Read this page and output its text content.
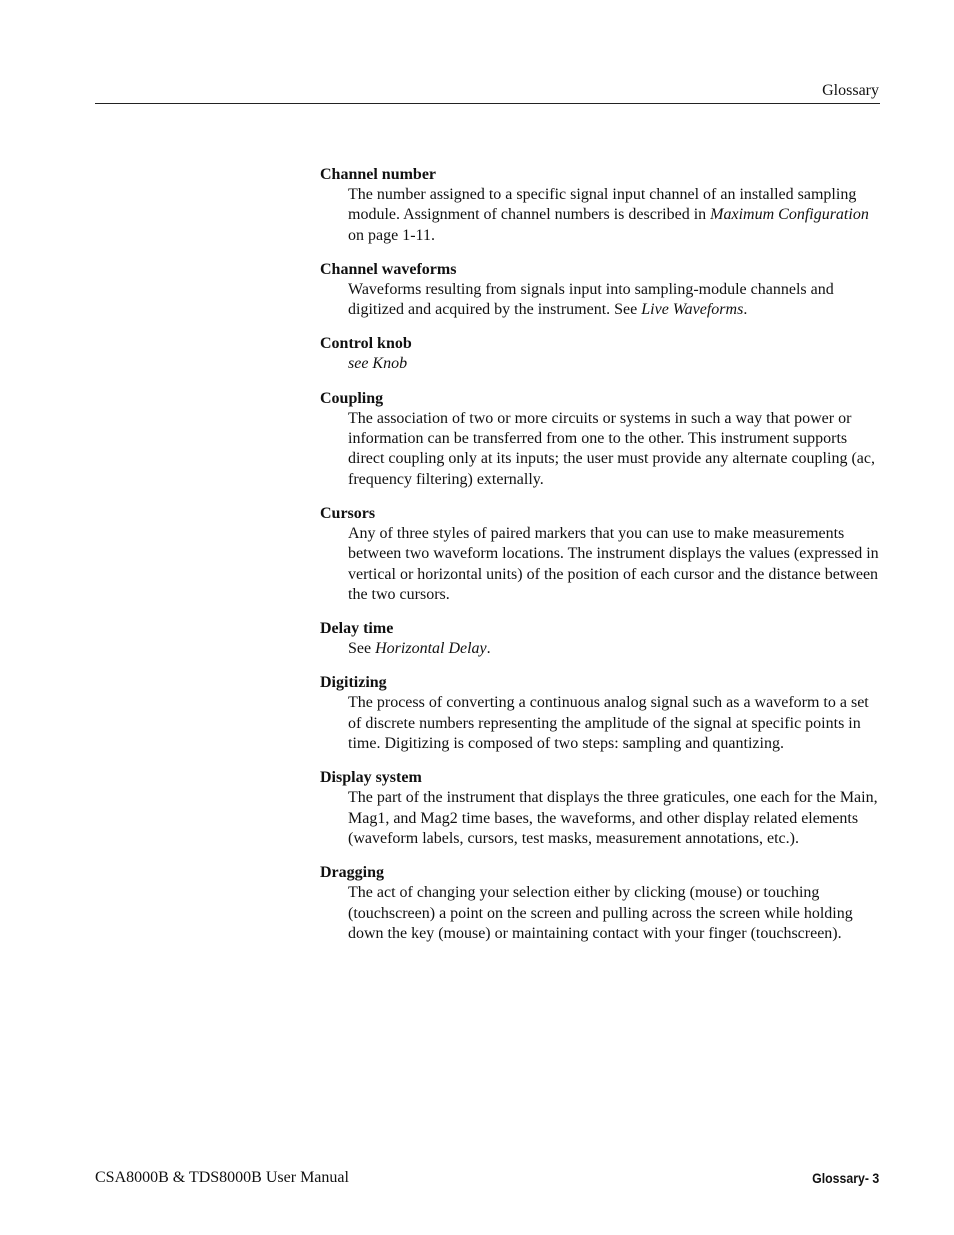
Glossary
Channel number
The number assigned to a specific signal input channel of an installed sampling module. Assignment of channel numbers is described in Maximum Configuration on page 1-11.
Channel waveforms
Waveforms resulting from signals input into sampling-module channels and digitized and acquired by the instrument. See Live Waveforms.
Control knob
see Knob
Coupling
The association of two or more circuits or systems in such a way that power or information can be transferred from one to the other. This instrument supports direct coupling only at its inputs; the user must provide any alternate coupling (ac, frequency filtering) externally.
Cursors
Any of three styles of paired markers that you can use to make measurements between two waveform locations. The instrument displays the values (expressed in vertical or horizontal units) of the position of each cursor and the distance between the two cursors.
Delay time
See Horizontal Delay.
Digitizing
The process of converting a continuous analog signal such as a waveform to a set of discrete numbers representing the amplitude of the signal at specific points in time. Digitizing is composed of two steps: sampling and quantizing.
Display system
The part of the instrument that displays the three graticules, one each for the Main, Mag1, and Mag2 time bases, the waveforms, and other display related elements (waveform labels, cursors, test masks, measurement annotations, etc.).
Dragging
The act of changing your selection either by clicking (mouse) or touching (touchscreen) a point on the screen and pulling across the screen while holding down the key (mouse) or maintaining contact with your finger (touchscreen).
CSA8000B & TDS8000B User Manual	Glossary- 3
